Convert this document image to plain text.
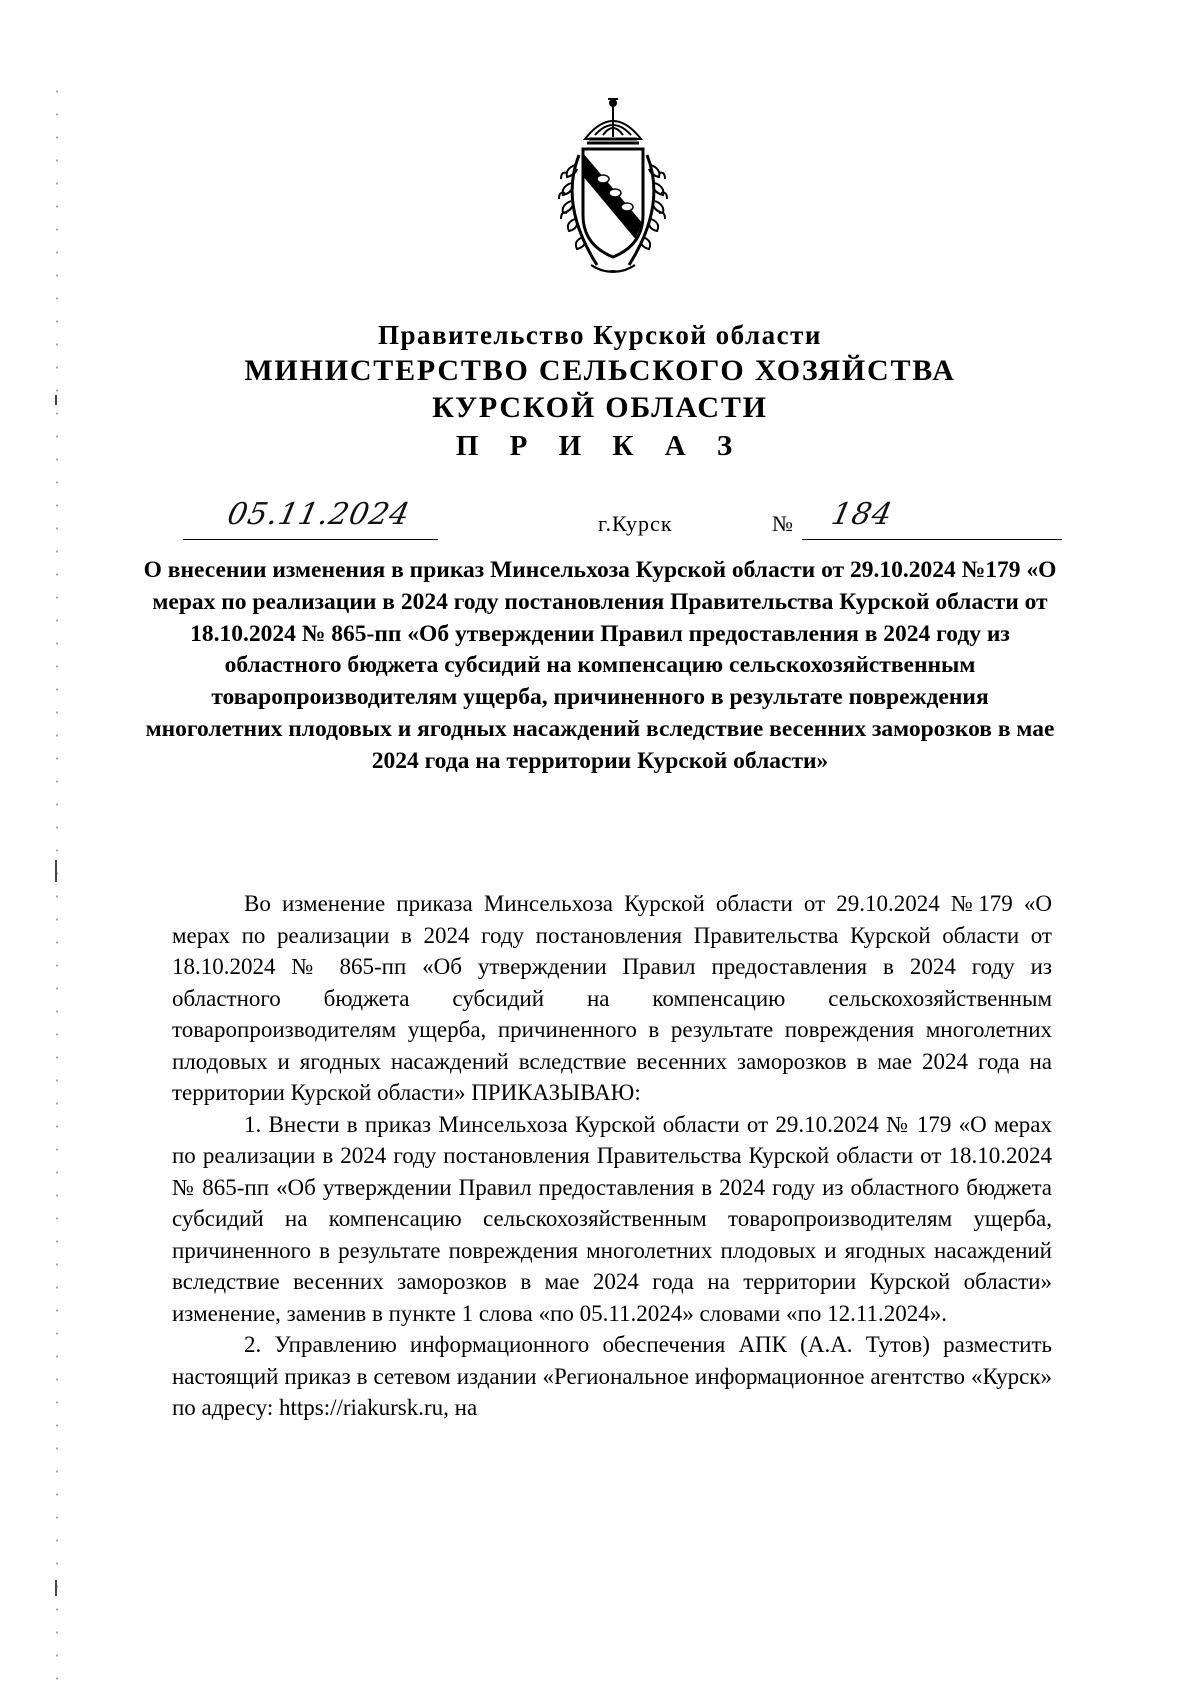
Правительство Курской области
МИНИСТЕРСТВО СЕЛЬСКОГО ХОЗЯЙСТВА
КУРСКОЙ ОБЛАСТИ
П Р И К А З
05.11.2024	г.Курск	№ 184

О внесении изменения в приказ Минсельхоза Курской области от 29.10.2024 №179 «О мерах по реализации в 2024 году постановления Правительства Курской области от 18.10.2024 № 865-пп «Об утверждении Правил предоставления в 2024 году из областного бюджета субсидий на компенсацию сельскохозяйственным товаропроизводителям ущерба, причиненного в результате повреждения многолетних плодовых и ягодных насаждений вследствие весенних заморозков в мае 2024 года на территории Курской области»

Во изменение приказа Минсельхоза Курской области от 29.10.2024 №179 «О мерах по реализации в 2024 году постановления Правительства Курской области от 18.10.2024 № 865-пп «Об утверждении Правил предоставления в 2024 году из областного бюджета субсидий на компенсацию сельскохозяйственным товаропроизводителям ущерба, причиненного в результате повреждения многолетних плодовых и ягодных насаждений вследствие весенних заморозков в мае 2024 года на территории Курской области» ПРИКАЗЫВАЮ:

1. Внести в приказ Минсельхоза Курской области от 29.10.2024 № 179 «О мерах по реализации в 2024 году постановления Правительства Курской области от 18.10.2024 № 865-пп «Об утверждении Правил предоставления в 2024 году из областного бюджета субсидий на компенсацию сельскохозяйственным товаропроизводителям ущерба, причиненного в результате повреждения многолетних плодовых и ягодных насаждений вследствие весенних заморозков в мае 2024 года на территории Курской области» изменение, заменив в пункте 1 слова «по 05.11.2024» словами «по 12.11.2024».

2. Управлению информационного обеспечения АПК (А.А. Тутов) разместить настоящий приказ в сетевом издании «Региональное информационное агентство «Курск» по адресу: https://riakursk.ru, на
